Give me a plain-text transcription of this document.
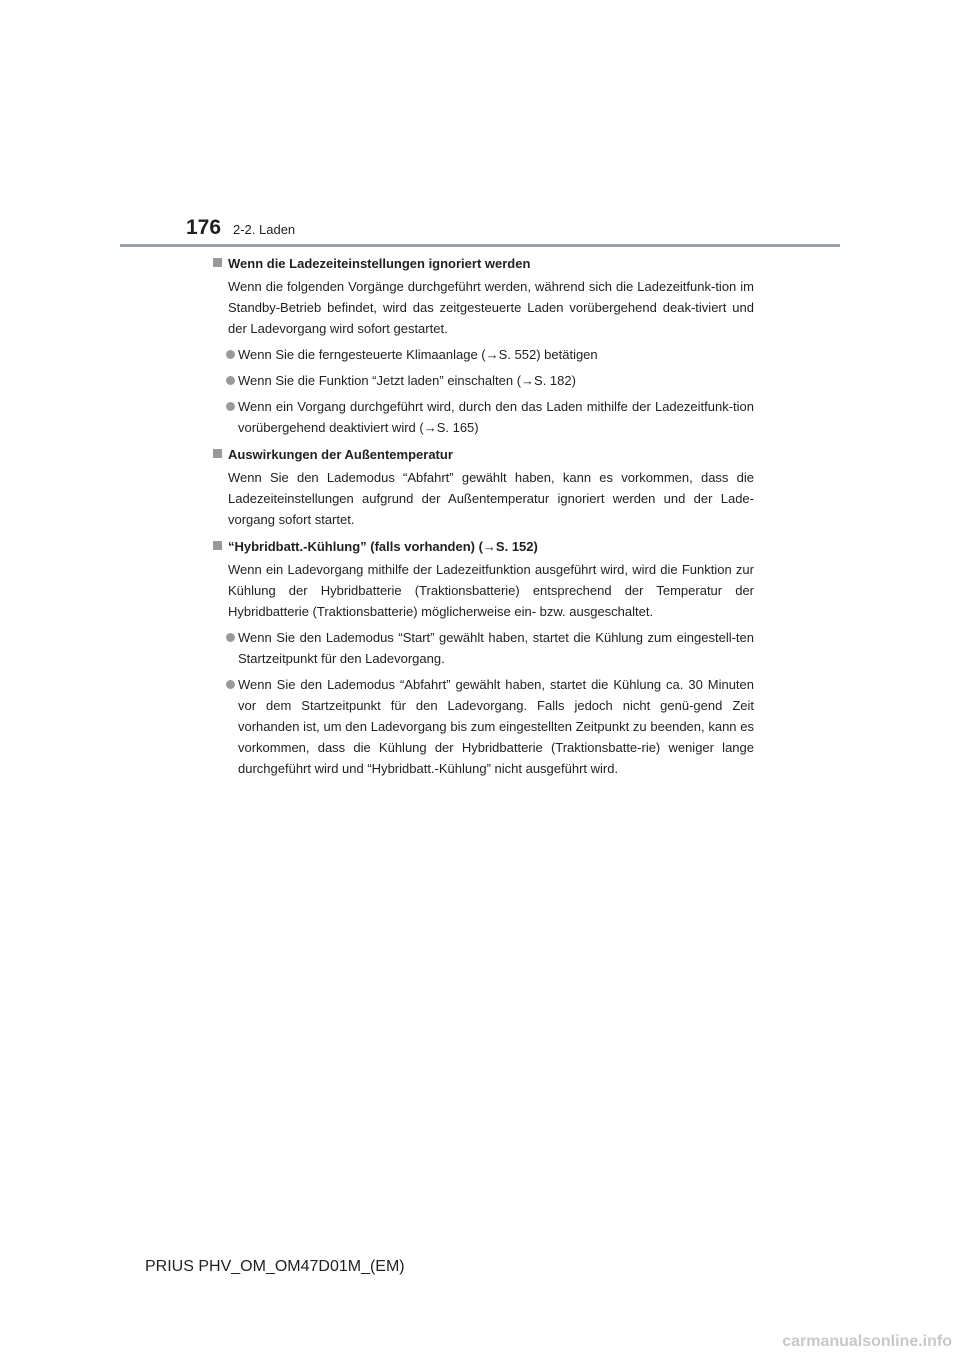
176 2-2. Laden
Wenn die Ladezeiteinstellungen ignoriert werden
Wenn die folgenden Vorgänge durchgeführt werden, während sich die Ladezeitfunk-tion im Standby-Betrieb befindet, wird das zeitgesteuerte Laden vorübergehend deak-tiviert und der Ladevorgang wird sofort gestartet.
Wenn Sie die ferngesteuerte Klimaanlage (→S. 552) betätigen
Wenn Sie die Funktion “Jetzt laden” einschalten (→S. 182)
Wenn ein Vorgang durchgeführt wird, durch den das Laden mithilfe der Ladezeitfunk-tion vorübergehend deaktiviert wird (→S. 165)
Auswirkungen der Außentemperatur
Wenn Sie den Lademodus “Abfahrt” gewählt haben, kann es vorkommen, dass die Ladezeiteinstellungen aufgrund der Außentemperatur ignoriert werden und der Lade-vorgang sofort startet.
“Hybridbatt.-Kühlung” (falls vorhanden) (→S. 152)
Wenn ein Ladevorgang mithilfe der Ladezeitfunktion ausgeführt wird, wird die Funktion zur Kühlung der Hybridbatterie (Traktionsbatterie) entsprechend der Temperatur der Hybridbatterie (Traktionsbatterie) möglicherweise ein- bzw. ausgeschaltet.
Wenn Sie den Lademodus “Start” gewählt haben, startet die Kühlung zum eingestell-ten Startzeitpunkt für den Ladevorgang.
Wenn Sie den Lademodus “Abfahrt” gewählt haben, startet die Kühlung ca. 30 Minuten vor dem Startzeitpunkt für den Ladevorgang. Falls jedoch nicht genü-gend Zeit vorhanden ist, um den Ladevorgang bis zum eingestellten Zeitpunkt zu beenden, kann es vorkommen, dass die Kühlung der Hybridbatterie (Traktionsbatte-rie) weniger lange durchgeführt wird und “Hybridbatt.-Kühlung” nicht ausgeführt wird.
PRIUS PHV_OM_OM47D01M_(EM)
carmanualsonline.info
